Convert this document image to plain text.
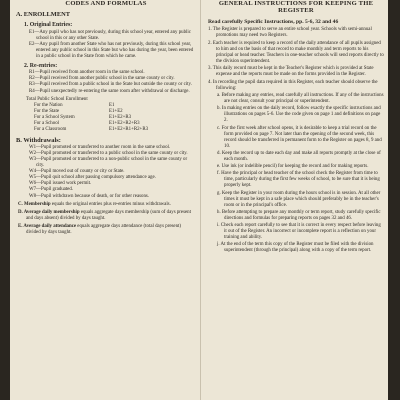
CODES AND FORMULAS
A. ENROLLMENT
1. Original Entries:
E1—Any pupil who has not previously, during this school year, entered any public school in this or any other State.
E2—Any pupil from another State who has not previously, during this school year, entered any public school in this State but who has during the year, been entered in a public school in the State from which he came.
2. Re-entries:
R1—Pupil received from another room in the same school.
R2—Pupil received from another public school in the same county or city.
R3—Pupil received from a public school in the State but outside the county or city.
R4—Pupil unexpectedly re-entering the same room after withdrawal or discharge.
Total Public School Enrollment
For the Nation	E1
For the State	E1+E2
For a School System	E1+E2+R3
For a School	E1+E2+R2+R3
For a Classroom	E1+E2+R1+R2+R3
B. Withdrawals:
W1—Pupil promoted or transferred to another room in the same school.
W2—Pupil promoted or transferred to a public school in the same county or city.
W3—Pupil promoted or transferred to a non-public school in the same county or city.
W4—Pupil moved out of county or city or State.
W5—Pupil quit school after passing compulsory attendance age.
W6—Pupil issued work permit.
W7—Pupil graduated.
W8—Pupil withdrawn because of death, or for other reasons.
C. Membership equals the original entries plus re-entries minus withdrawals.
D. Average daily membership equals aggregate days membership (sum of days present and days absent) divided by days taught.
E. Average daily attendance equals aggregate days attendance (total days present) divided by days taught.
GENERAL INSTRUCTIONS FOR KEEPING THE REGISTER
Read carefully Specific Instructions, pp. 5-6, 32 and 46
1. The Register is prepared to serve an entire school year. Schools with semi-annual promotions may need two Registers.
2. Each teacher is required to keep a record of the daily attendance of all pupils assigned to him and on the basis of that record to make monthly and term reports to his principal or head teacher. Teachers in one-teacher schools will send reports directly to the division superintendent.
3. This daily record must be kept in the Teacher's Register which is provided at State expense and the reports must be made on the forms provided in the Register.
4. In recording the pupil data required in this Register, each teacher should observe the following:
a. Before making any entries, read carefully all instructions. If any of the instructions are not clear, consult your principal or superintendent.
b. In making entries on the daily record, follow exactly the specific instructions and illustrations on pages 5-6. Use the code given on page 1 and definitions on page 2.
c. For the first week after school opens, it is desirable to keep a trial record on the form provided on page 7. Not later than the opening of the second week, this record should be transferred in permanent form to the Register on pages 8, 9 and 10.
d. Keep the record up to date each day and make all reports promptly at the close of each month.
e. Use ink (or indelible pencil) for keeping the record and for making reports.
f. Have the principal or head teacher of the school check the Register from time to time, particularly during the first few weeks of school, to be sure that it is being properly kept.
g. Keep the Register in your room during the hours school is in session. At all other times it must be kept in a safe place which should preferably be in the teacher's room or in the principal's office.
h. Before attempting to prepare any monthly or term report, study carefully specific directions and formulas for preparing reports on pages 32 and 46.
i. Check each report carefully to see that it is correct in every respect before leaving it out of the Register. An incorrect or incomplete report is a reflection on your training and ability.
j. At the end of the term this copy of the Register must be filed with the division superintendent (through the principal) along with a copy of the term report.
